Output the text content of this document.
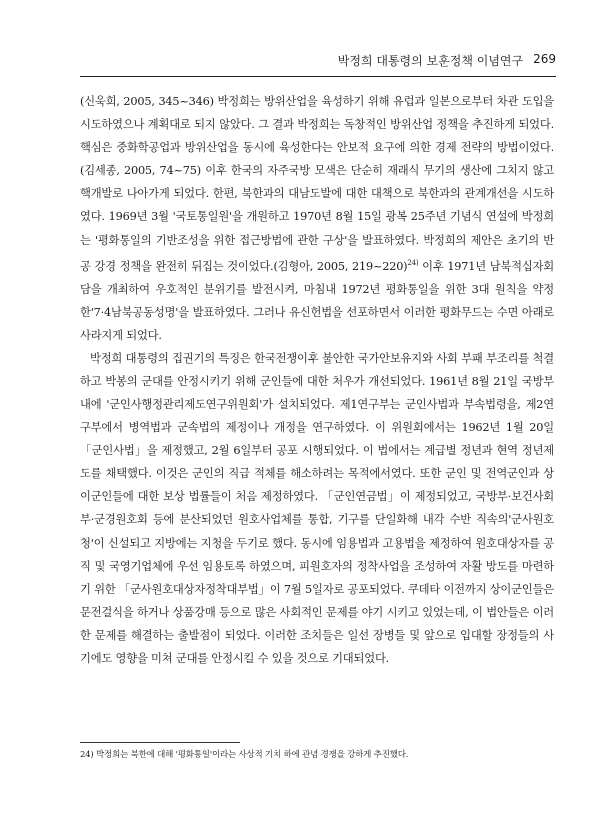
박정희 대통령의 보훈정책 이념연구 269

(신욱희, 2005, 345~346) 박정희는 방위산업을 육성하기 위해 유럽과 일본으로부터 차관 도입을 시도하였으나 계획대로 되지 않았다. 그 결과 박정희는 독창적인 방위산업 정책을 추진하게 되었다. 핵심은 중화학공업과 방위산업을 동시에 육성한다는 안보적 요구에 의한 경제 전략의 방법이었다.(김세종, 2005, 74~75) 이후 한국의 자주국방 모색은 단순히 재래식 무기의 생산에 그치지 않고 핵개발로 나아가게 되었다. 한편, 북한과의 대남도발에 대한 대책으로 북한과의 관계개선을 시도하였다. 1969년 3월 '국토통일원'을 개원하고 1970년 8월 15일 광복 25주년 기념식 연설에 박정희는 '평화통일의 기반조성을 위한 접근방법에 관한 구상'을 발표하였다. 박정희의 제안은 초기의 반공 강경 정책을 완전히 뒤집는 것이었다.(김형아, 2005, 219~220)$^{24)}$ 이후 1971년 남북적십자회담을 개최하여 우호적인 분위기를 발전시켜, 마침내 1972년 평화통일을 위한 3대 원칙을 약정한'7·4남북공동성명'을 발표하였다. 그러나 유신헌법을 선포하면서 이러한 평화무드는 수면 아래로 사라지게 되었다.

박정희 대통령의 집권기의 특징은 한국전쟁이후 불안한 국가안보유지와 사회 부패 부조리를 척결하고 박봉의 군대를 안정시키기 위해 군인들에 대한 처우가 개선되었다. 1961년 8월 21일 국방부 내에 '군인사행정관리제도연구위원회'가 설치되었다. 제1연구부는 군인사법과 부속법령을, 제2연구부에서 병역법과 군속법의 제정이나 개정을 연구하였다. 이 위원회에서는 1962년 1월 20일 「군인사법」을 제정했고, 2월 6일부터 공포 시행되었다. 이 법에서는 계급별 정년과 현역 정년제도를 채택했다. 이것은 군인의 직급 적체를 해소하려는 목적에서였다. 또한 군인 및 전역군인과 상이군인들에 대한 보상 법률들이 처음 제정하였다. 「군인연금법」이 제정되었고, 국방부·보건사회부·군경원호회 등에 분산되었던 원호사업체를 통합, 기구를 단일화해 내각 수반 직속의'군사원호청'이 신설되고 지방에는 지청을 두기로 했다. 동시에 임용법과 고용법을 제정하여 원호대상자를 공직 및 국영기업체에 우선 임용토록 하였으며, 피원호자의 정착사업을 조성하여 자활 방도를 마련하기 위한 「군사원호대상자정착대부법」이 7월 5일자로 공포되었다. 쿠데타 이전까지 상이군인들은 문전걸식을 하거나 상품강매 등으로 많은 사회적인 문제를 야기 시키고 있었는데, 이 법안들은 이러한 문제를 해결하는 출발점이 되었다. 이러한 조치들은 일선 장병들 및 앞으로 입대할 장정들의 사기에도 영향을 미쳐 군대를 안정시킬 수 있을 것으로 기대되었다.

24) 박정희는 북한에 대해 '평화통일'이라는 사상적 기치 하에 관념 경쟁을 강하게 추진했다.
